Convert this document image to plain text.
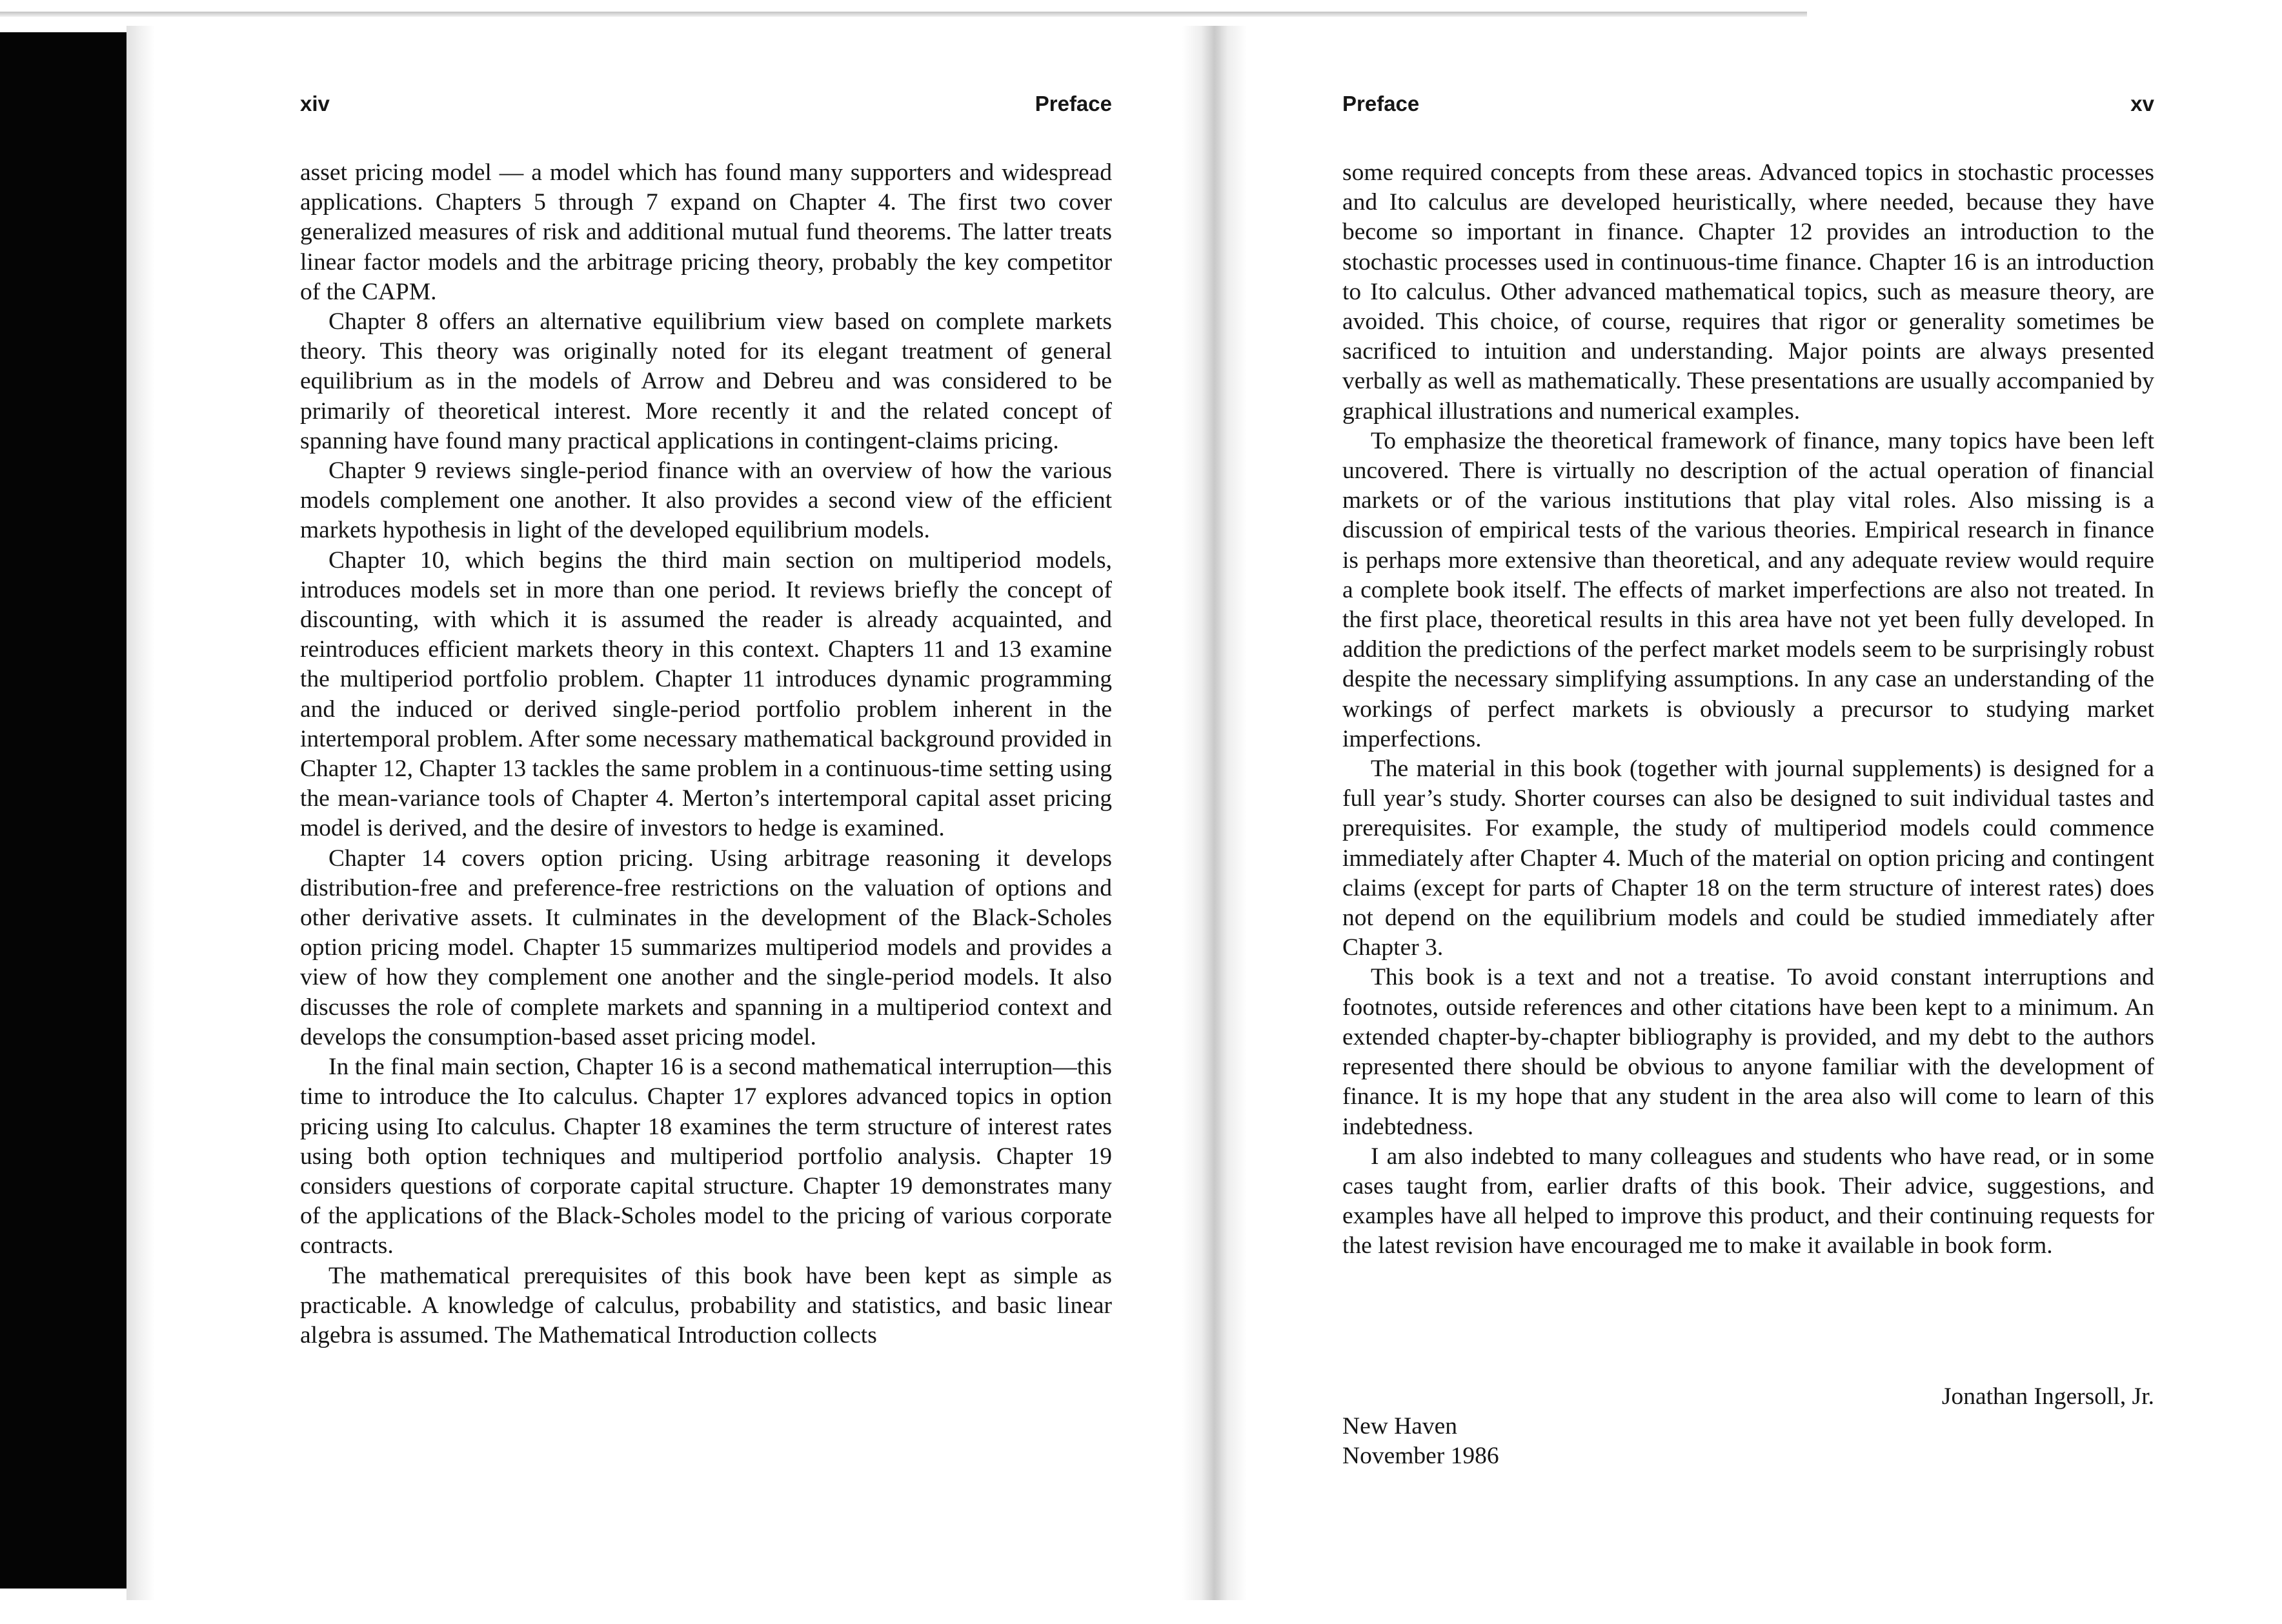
xiv	Preface

asset pricing model — a model which has found many supporters and widespread applications. Chapters 5 through 7 expand on Chapter 4. The first two cover generalized measures of risk and additional mutual fund theorems. The latter treats linear factor models and the arbitrage pricing theory, probably the key competitor of the CAPM.

Chapter 8 offers an alternative equilibrium view based on complete markets theory. This theory was originally noted for its elegant treatment of general equilibrium as in the models of Arrow and Debreu and was considered to be primarily of theoretical interest. More recently it and the related concept of spanning have found many practical applications in contingent-claims pricing.

Chapter 9 reviews single-period finance with an overview of how the various models complement one another. It also provides a second view of the efficient markets hypothesis in light of the developed equilibrium models.

Chapter 10, which begins the third main section on multiperiod models, introduces models set in more than one period. It reviews briefly the concept of discounting, with which it is assumed the reader is already acquainted, and reintroduces efficient markets theory in this context. Chapters 11 and 13 examine the multiperiod portfolio problem. Chapter 11 introduces dynamic programming and the induced or derived single-period portfolio problem inherent in the intertemporal problem. After some necessary mathematical background provided in Chapter 12, Chapter 13 tackles the same problem in a continuous-time setting using the mean-variance tools of Chapter 4. Merton’s intertemporal capital asset pricing model is derived, and the desire of investors to hedge is examined.

Chapter 14 covers option pricing. Using arbitrage reasoning it develops distribution-free and preference-free restrictions on the valuation of options and other derivative assets. It culminates in the development of the Black-Scholes option pricing model. Chapter 15 summarizes multiperiod models and provides a view of how they complement one another and the single-period models. It also discusses the role of complete markets and spanning in a multiperiod context and develops the consumption-based asset pricing model.

In the final main section, Chapter 16 is a second mathematical interruption—this time to introduce the Ito calculus. Chapter 17 explores advanced topics in option pricing using Ito calculus. Chapter 18 examines the term structure of interest rates using both option techniques and multiperiod portfolio analysis. Chapter 19 considers questions of corporate capital structure. Chapter 19 demonstrates many of the applications of the Black-Scholes model to the pricing of various corporate contracts.

The mathematical prerequisites of this book have been kept as simple as practicable. A knowledge of calculus, probability and statistics, and basic linear algebra is assumed. The Mathematical Introduction collects

Preface	xv

some required concepts from these areas. Advanced topics in stochastic processes and Ito calculus are developed heuristically, where needed, because they have become so important in finance. Chapter 12 provides an introduction to the stochastic processes used in continuous-time finance. Chapter 16 is an introduction to Ito calculus. Other advanced mathematical topics, such as measure theory, are avoided. This choice, of course, requires that rigor or generality sometimes be sacrificed to intuition and understanding. Major points are always presented verbally as well as mathematically. These presentations are usually accompanied by graphical illustrations and numerical examples.

To emphasize the theoretical framework of finance, many topics have been left uncovered. There is virtually no description of the actual operation of financial markets or of the various institutions that play vital roles. Also missing is a discussion of empirical tests of the various theories. Empirical research in finance is perhaps more extensive than theoretical, and any adequate review would require a complete book itself. The effects of market imperfections are also not treated. In the first place, theoretical results in this area have not yet been fully developed. In addition the predictions of the perfect market models seem to be surprisingly robust despite the necessary simplifying assumptions. In any case an understanding of the workings of perfect markets is obviously a precursor to studying market imperfections.

The material in this book (together with journal supplements) is designed for a full year’s study. Shorter courses can also be designed to suit individual tastes and prerequisites. For example, the study of multiperiod models could commence immediately after Chapter 4. Much of the material on option pricing and contingent claims (except for parts of Chapter 18 on the term structure of interest rates) does not depend on the equilibrium models and could be studied immediately after Chapter 3.

This book is a text and not a treatise. To avoid constant interruptions and footnotes, outside references and other citations have been kept to a minimum. An extended chapter-by-chapter bibliography is provided, and my debt to the authors represented there should be obvious to anyone familiar with the development of finance. It is my hope that any student in the area also will come to learn of this indebtedness.

I am also indebted to many colleagues and students who have read, or in some cases taught from, earlier drafts of this book. Their advice, suggestions, and examples have all helped to improve this product, and their continuing requests for the latest revision have encouraged me to make it available in book form.

Jonathan Ingersoll, Jr.
New Haven
November 1986
